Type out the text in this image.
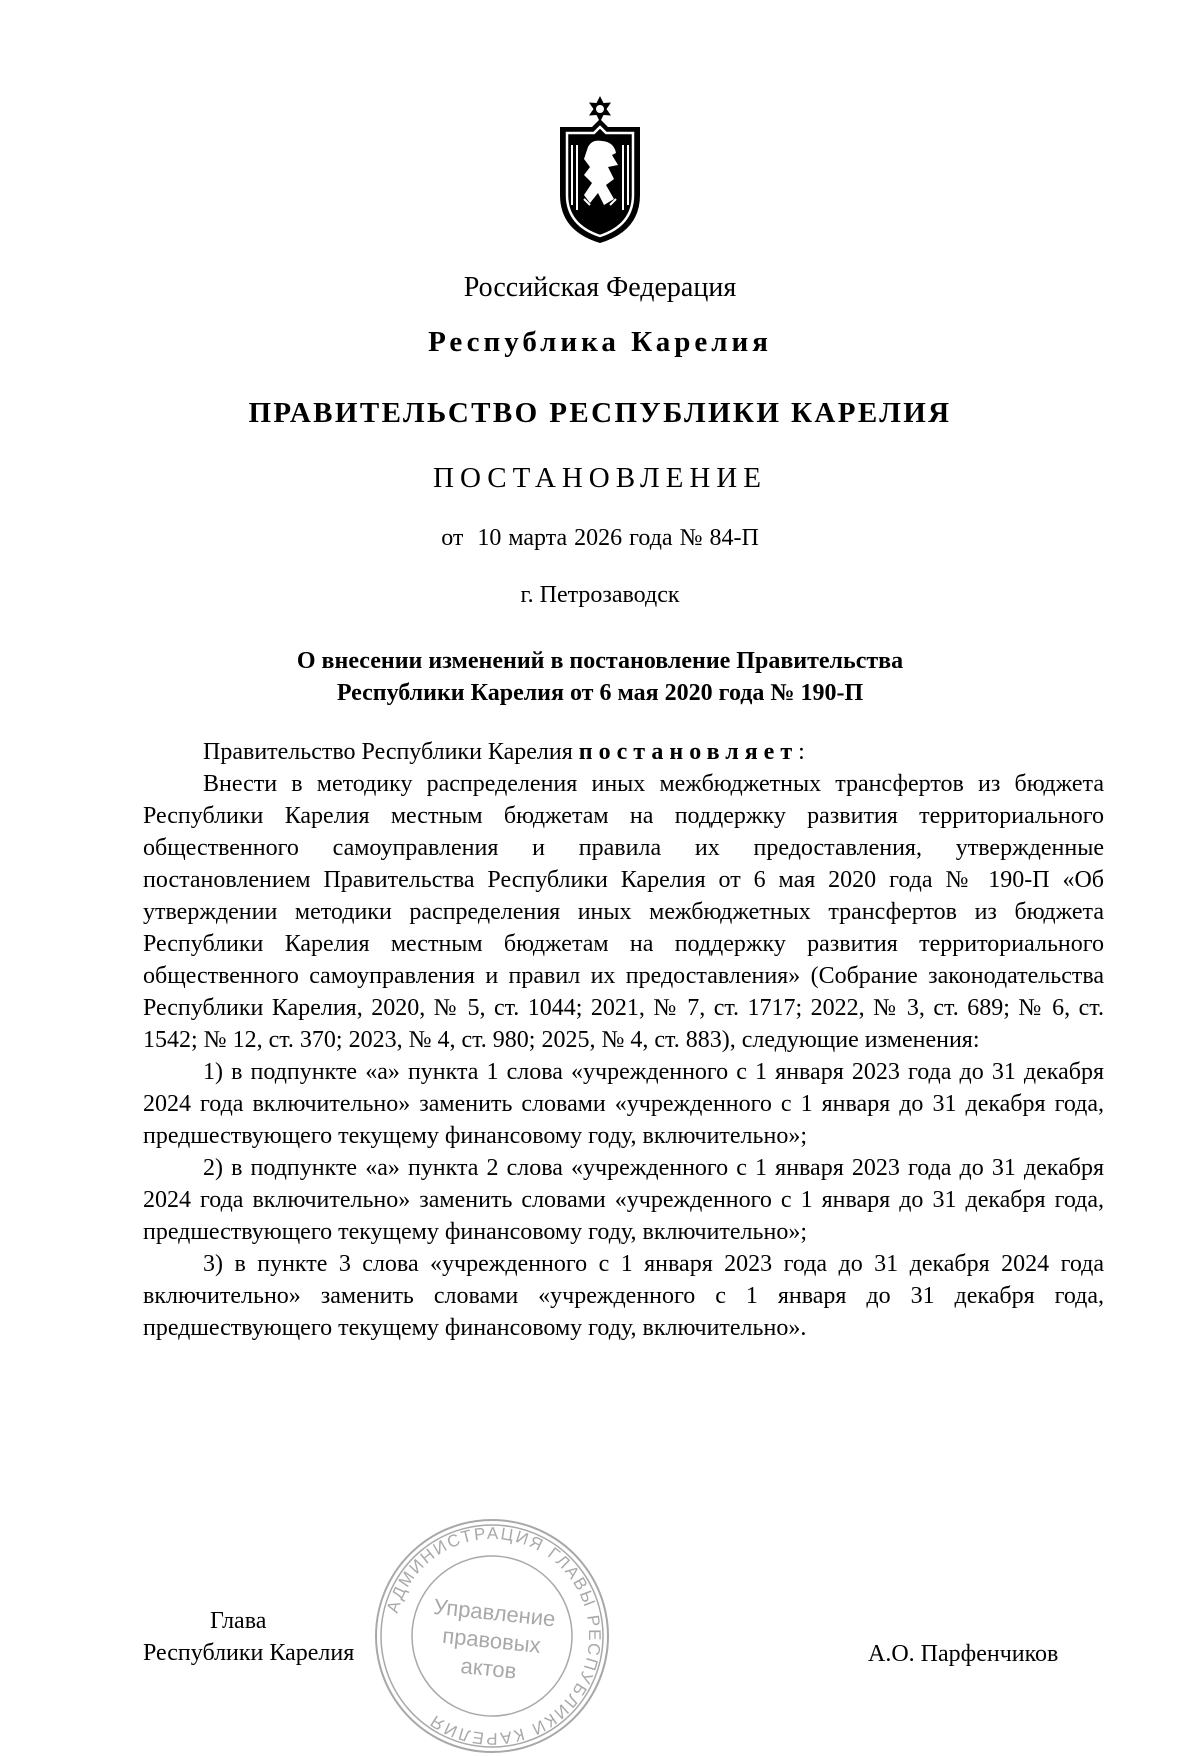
Российская Федерация
Республика Карелия
ПРАВИТЕЛЬСТВО РЕСПУБЛИКИ КАРЕЛИЯ
ПОСТАНОВЛЕНИЕ
от  10 марта 2026 года № 84-П
г. Петрозаводск
О внесении изменений в постановление Правительства
Республики Карелия от 6 мая 2020 года № 190-П

Правительство Республики Карелия постановляет:

Внести в методику распределения иных межбюджетных трансфертов из бюджета Республики Карелия местным бюджетам на поддержку развития территориального общественного самоуправления и правила их предоставления, утвержденные постановлением Правительства Республики Карелия от 6 мая 2020 года № 190-П «Об утверждении методики распределения иных межбюджетных трансфертов из бюджета Республики Карелия местным бюджетам на поддержку развития территориального общественного самоуправления и правил их предоставления» (Собрание законодательства Республики Карелия, 2020, № 5, ст. 1044; 2021, № 7, ст. 1717; 2022, № 3, ст. 689; № 6, ст. 1542; № 12, ст. 370; 2023, № 4, ст. 980; 2025, № 4, ст. 883), следующие изменения:

1) в подпункте «а» пункта 1 слова «учрежденного с 1 января 2023 года до 31 декабря 2024 года включительно» заменить словами «учрежденного с 1 января до 31 декабря года, предшествующего текущему финансовому году, включительно»;

2) в подпункте «а» пункта 2 слова «учрежденного с 1 января 2023 года до 31 декабря 2024 года включительно» заменить словами «учрежденного с 1 января до 31 декабря года, предшествующего текущему финансовому году, включительно»;

3) в пункте 3 слова «учрежденного с 1 января 2023 года до 31 декабря 2024 года включительно» заменить словами «учрежденного с 1 января до 31 декабря года, предшествующего текущему финансовому году, включительно».

Глава
Республики Карелия	А.О. Парфенчиков
АДМИНИСТРАЦИЯ ГЛАВЫ РЕСПУБЛИКИ КАРЕЛИЯ
Управление
правовых
актов
